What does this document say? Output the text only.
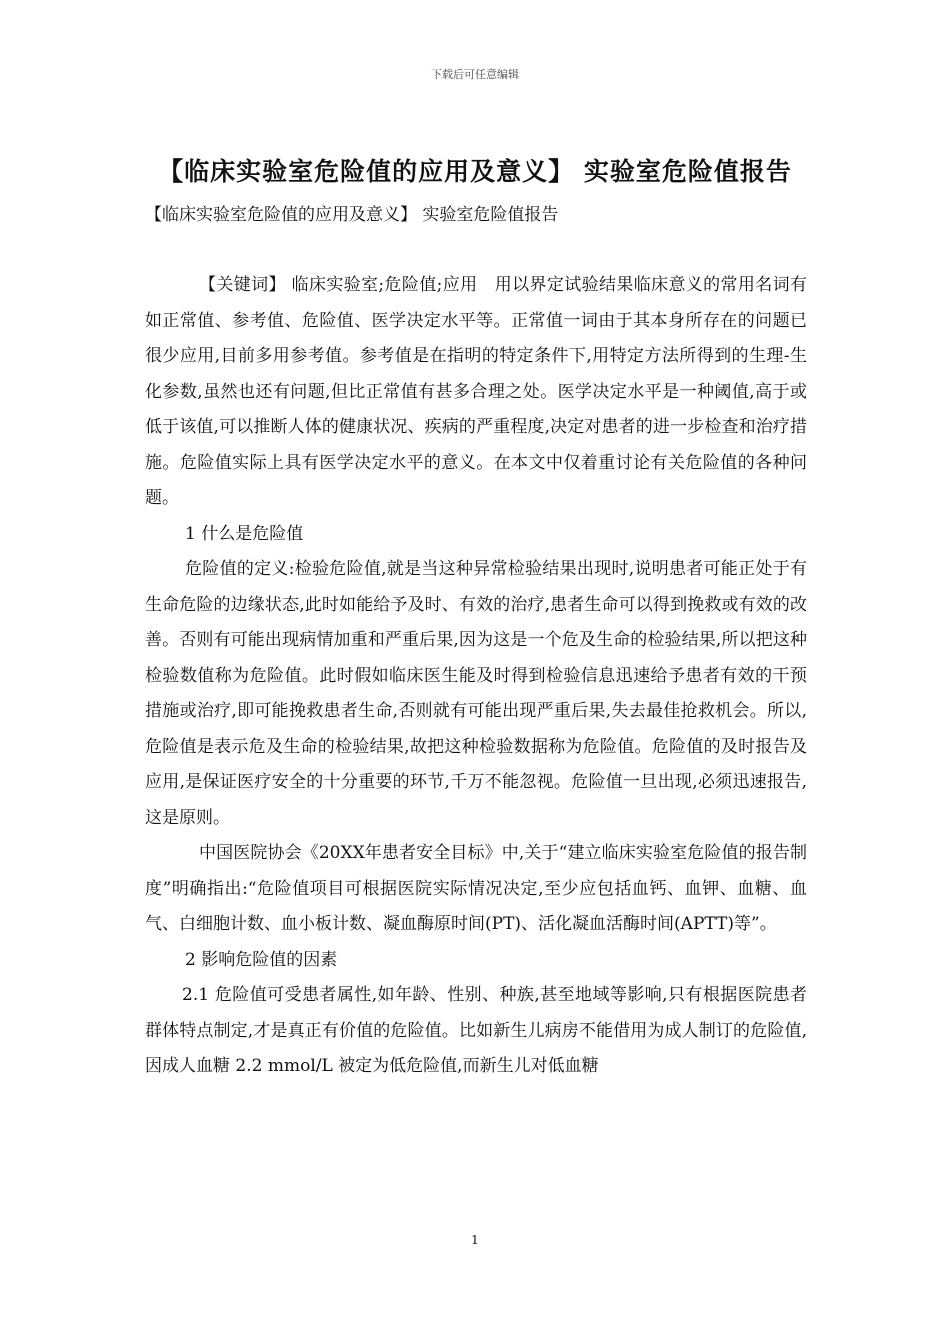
下载后可任意编辑
【临床实验室危险值的应用及意义】 实验室危险值报告
【临床实验室危险值的应用及意义】 实验室危险值报告

【关键词】 临床实验室;危险值;应用　用以界定试验结果临床意义的常用名词有如正常值、参考值、危险值、医学决定水平等。正常值一词由于其本身所存在的问题已很少应用,目前多用参考值。参考值是在指明的特定条件下,用特定方法所得到的生理-生化参数,虽然也还有问题,但比正常值有甚多合理之处。医学决定水平是一种阈值,高于或低于该值,可以推断人体的健康状况、疾病的严重程度,决定对患者的进一步检查和治疗措施。危险值实际上具有医学决定水平的意义。在本文中仅着重讨论有关危险值的各种问题。

1 什么是危险值

危险值的定义:检验危险值,就是当这种异常检验结果出现时,说明患者可能正处于有生命危险的边缘状态,此时如能给予及时、有效的治疗,患者生命可以得到挽救或有效的改善。否则有可能出现病情加重和严重后果,因为这是一个危及生命的检验结果,所以把这种检验数值称为危险值。此时假如临床医生能及时得到检验信息迅速给予患者有效的干预措施或治疗,即可能挽救患者生命,否则就有可能出现严重后果,失去最佳抢救机会。所以,危险值是表示危及生命的检验结果,故把这种检验数据称为危险值。危险值的及时报告及应用,是保证医疗安全的十分重要的环节,千万不能忽视。危险值一旦出现,必须迅速报告,这是原则。

中国医院协会《20XX年患者安全目标》中,关于“建立临床实验室危险值的报告制度”明确指出:“危险值项目可根据医院实际情况决定,至少应包括血钙、血钾、血糖、血气、白细胞计数、血小板计数、凝血酶原时间(PT)、活化凝血活酶时间(APTT)等”。

2 影响危险值的因素

2.1 危险值可受患者属性,如年龄、性别、种族,甚至地域等影响,只有根据医院患者群体特点制定,才是真正有价值的危险值。比如新生儿病房不能借用为成人制订的危险值,因成人血糖 2.2 mmol/L 被定为低危险值,而新生儿对低血糖

1
